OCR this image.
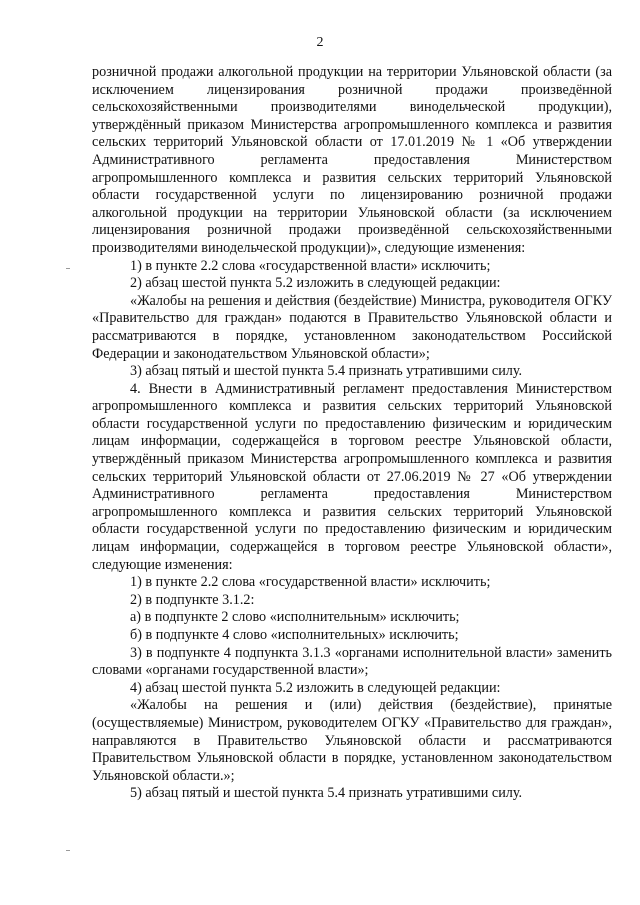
2

розничной продажи алкогольной продукции на территории Ульяновской области (за исключением лицензирования розничной продажи произведённой сельскохозяйственными производителями винодельческой продукции), утверждённый приказом Министерства агропромышленного комплекса и развития сельских территорий Ульяновской области от 17.01.2019 № 1 «Об утверждении Административного регламента предоставления Министерством агропромышленного комплекса и развития сельских территорий Ульяновской области государственной услуги по лицензированию розничной продажи алкогольной продукции на территории Ульяновской области (за исключением лицензирования розничной продажи произведённой сельскохозяйственными производителями винодельческой продукции)», следующие изменения:

1) в пункте 2.2 слова «государственной власти» исключить;

2) абзац шестой пункта 5.2 изложить в следующей редакции:

«Жалобы на решения и действия (бездействие) Министра, руководителя ОГКУ «Правительство для граждан» подаются в Правительство Ульяновской области и рассматриваются в порядке, установленном законодательством Российской Федерации и законодательством Ульяновской области»;

3) абзац пятый и шестой пункта 5.4 признать утратившими силу.

4. Внести в Административный регламент предоставления Министерством агропромышленного комплекса и развития сельских территорий Ульяновской области государственной услуги по предоставлению физическим и юридическим лицам информации, содержащейся в торговом реестре Ульяновской области, утверждённый приказом Министерства агропромышленного комплекса и развития сельских территорий Ульяновской области от 27.06.2019 № 27 «Об утверждении Административного регламента предоставления Министерством агропромышленного комплекса и развития сельских территорий Ульяновской области государственной услуги по предоставлению физическим и юридическим лицам информации, содержащейся в торговом реестре Ульяновской области», следующие изменения:

1) в пункте 2.2 слова «государственной власти» исключить;

2) в подпункте 3.1.2:

а) в подпункте 2 слово «исполнительным» исключить;

б) в подпункте 4 слово «исполнительных» исключить;

3) в подпункте 4 подпункта 3.1.3 «органами исполнительной власти» заменить словами «органами государственной власти»;

4) абзац шестой пункта 5.2 изложить в следующей редакции:

«Жалобы на решения и (или) действия (бездействие), принятые (осуществляемые) Министром, руководителем ОГКУ «Правительство для граждан», направляются в Правительство Ульяновской области и рассматриваются Правительством Ульяновской области в порядке, установленном законодательством Ульяновской области.»;

5) абзац пятый и шестой пункта 5.4 признать утратившими силу.
